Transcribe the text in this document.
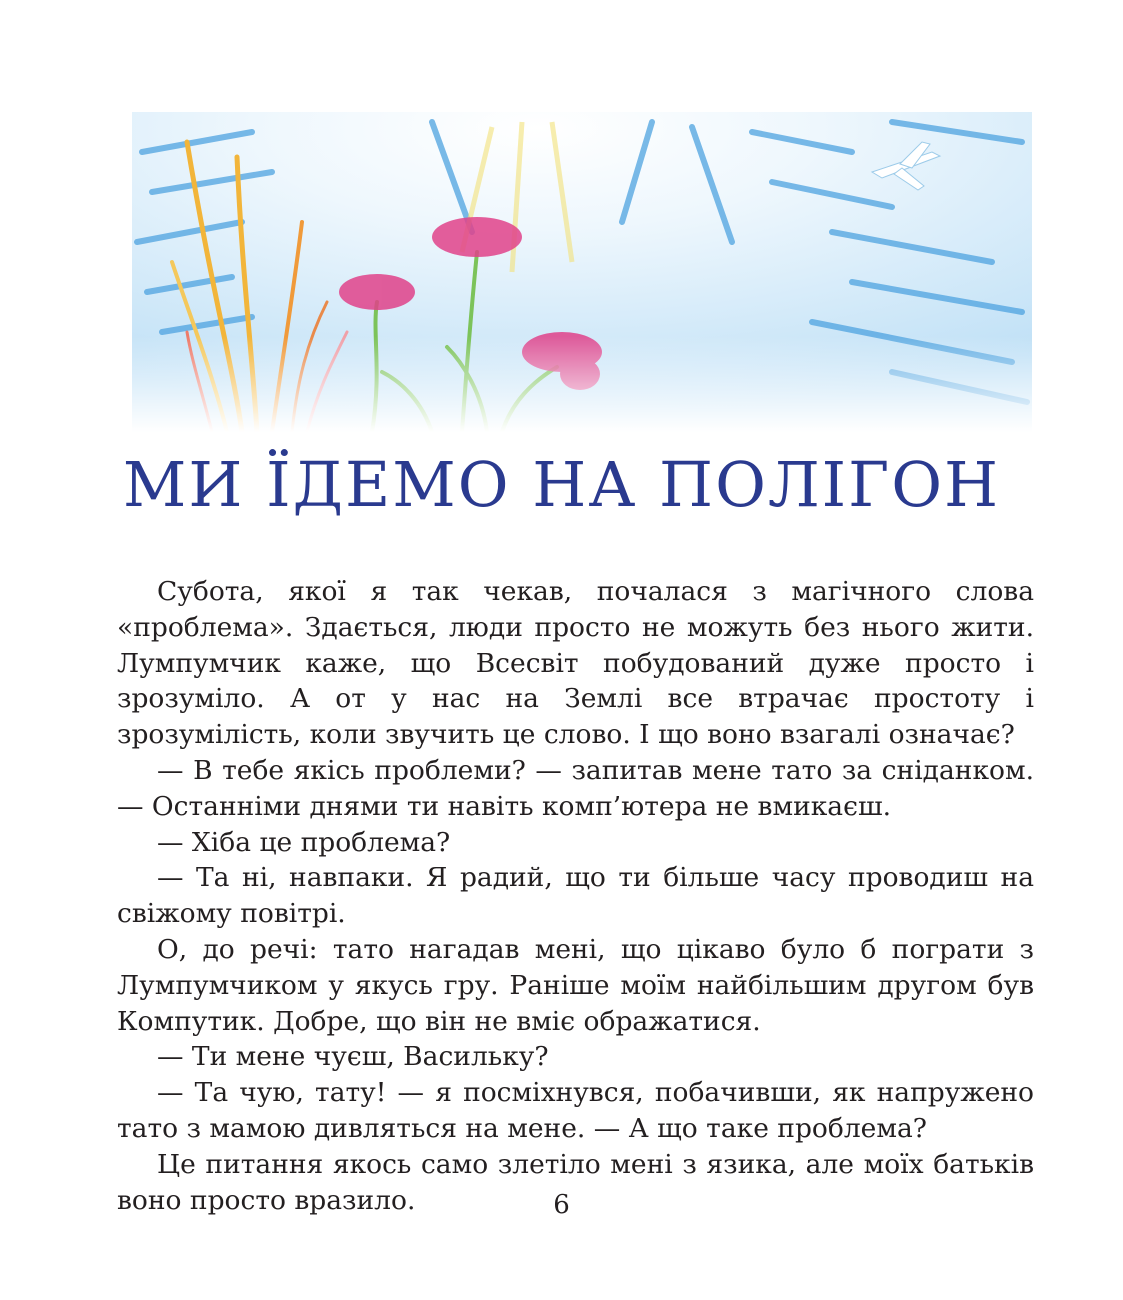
МИ ЇДЕМО НА ПОЛІГОН

Субота, якої я так чекав, почалася з магічного слова «проблема». Здається, люди просто не можуть без нього жити. Лумпумчик каже, що Всесвіт побудований дуже просто і зрозуміло. А от у нас на Землі все втрачає простоту і зрозумілість, коли звучить це слово. І що воно взагалі означає?

— В тебе якісь проблеми? — запитав мене тато за сніданком. — Останніми днями ти навіть комп’ютера не вмикаєш.

— Хіба це проблема?

— Та ні, навпаки. Я радий, що ти більше часу проводиш на свіжому повітрі.

О, до речі: тато нагадав мені, що цікаво було б пограти з Лумпумчиком у якусь гру. Раніше моїм найбільшим другом був Компутик. Добре, що він не вміє ображатися.

— Ти мене чуєш, Васильку?

— Та чую, тату! — я посміхнувся, побачивши, як напружено тато з мамою дивляться на мене. — А що таке проблема?

Це питання якось само злетіло мені з язика, але моїх батьків воно просто вразило.	6
